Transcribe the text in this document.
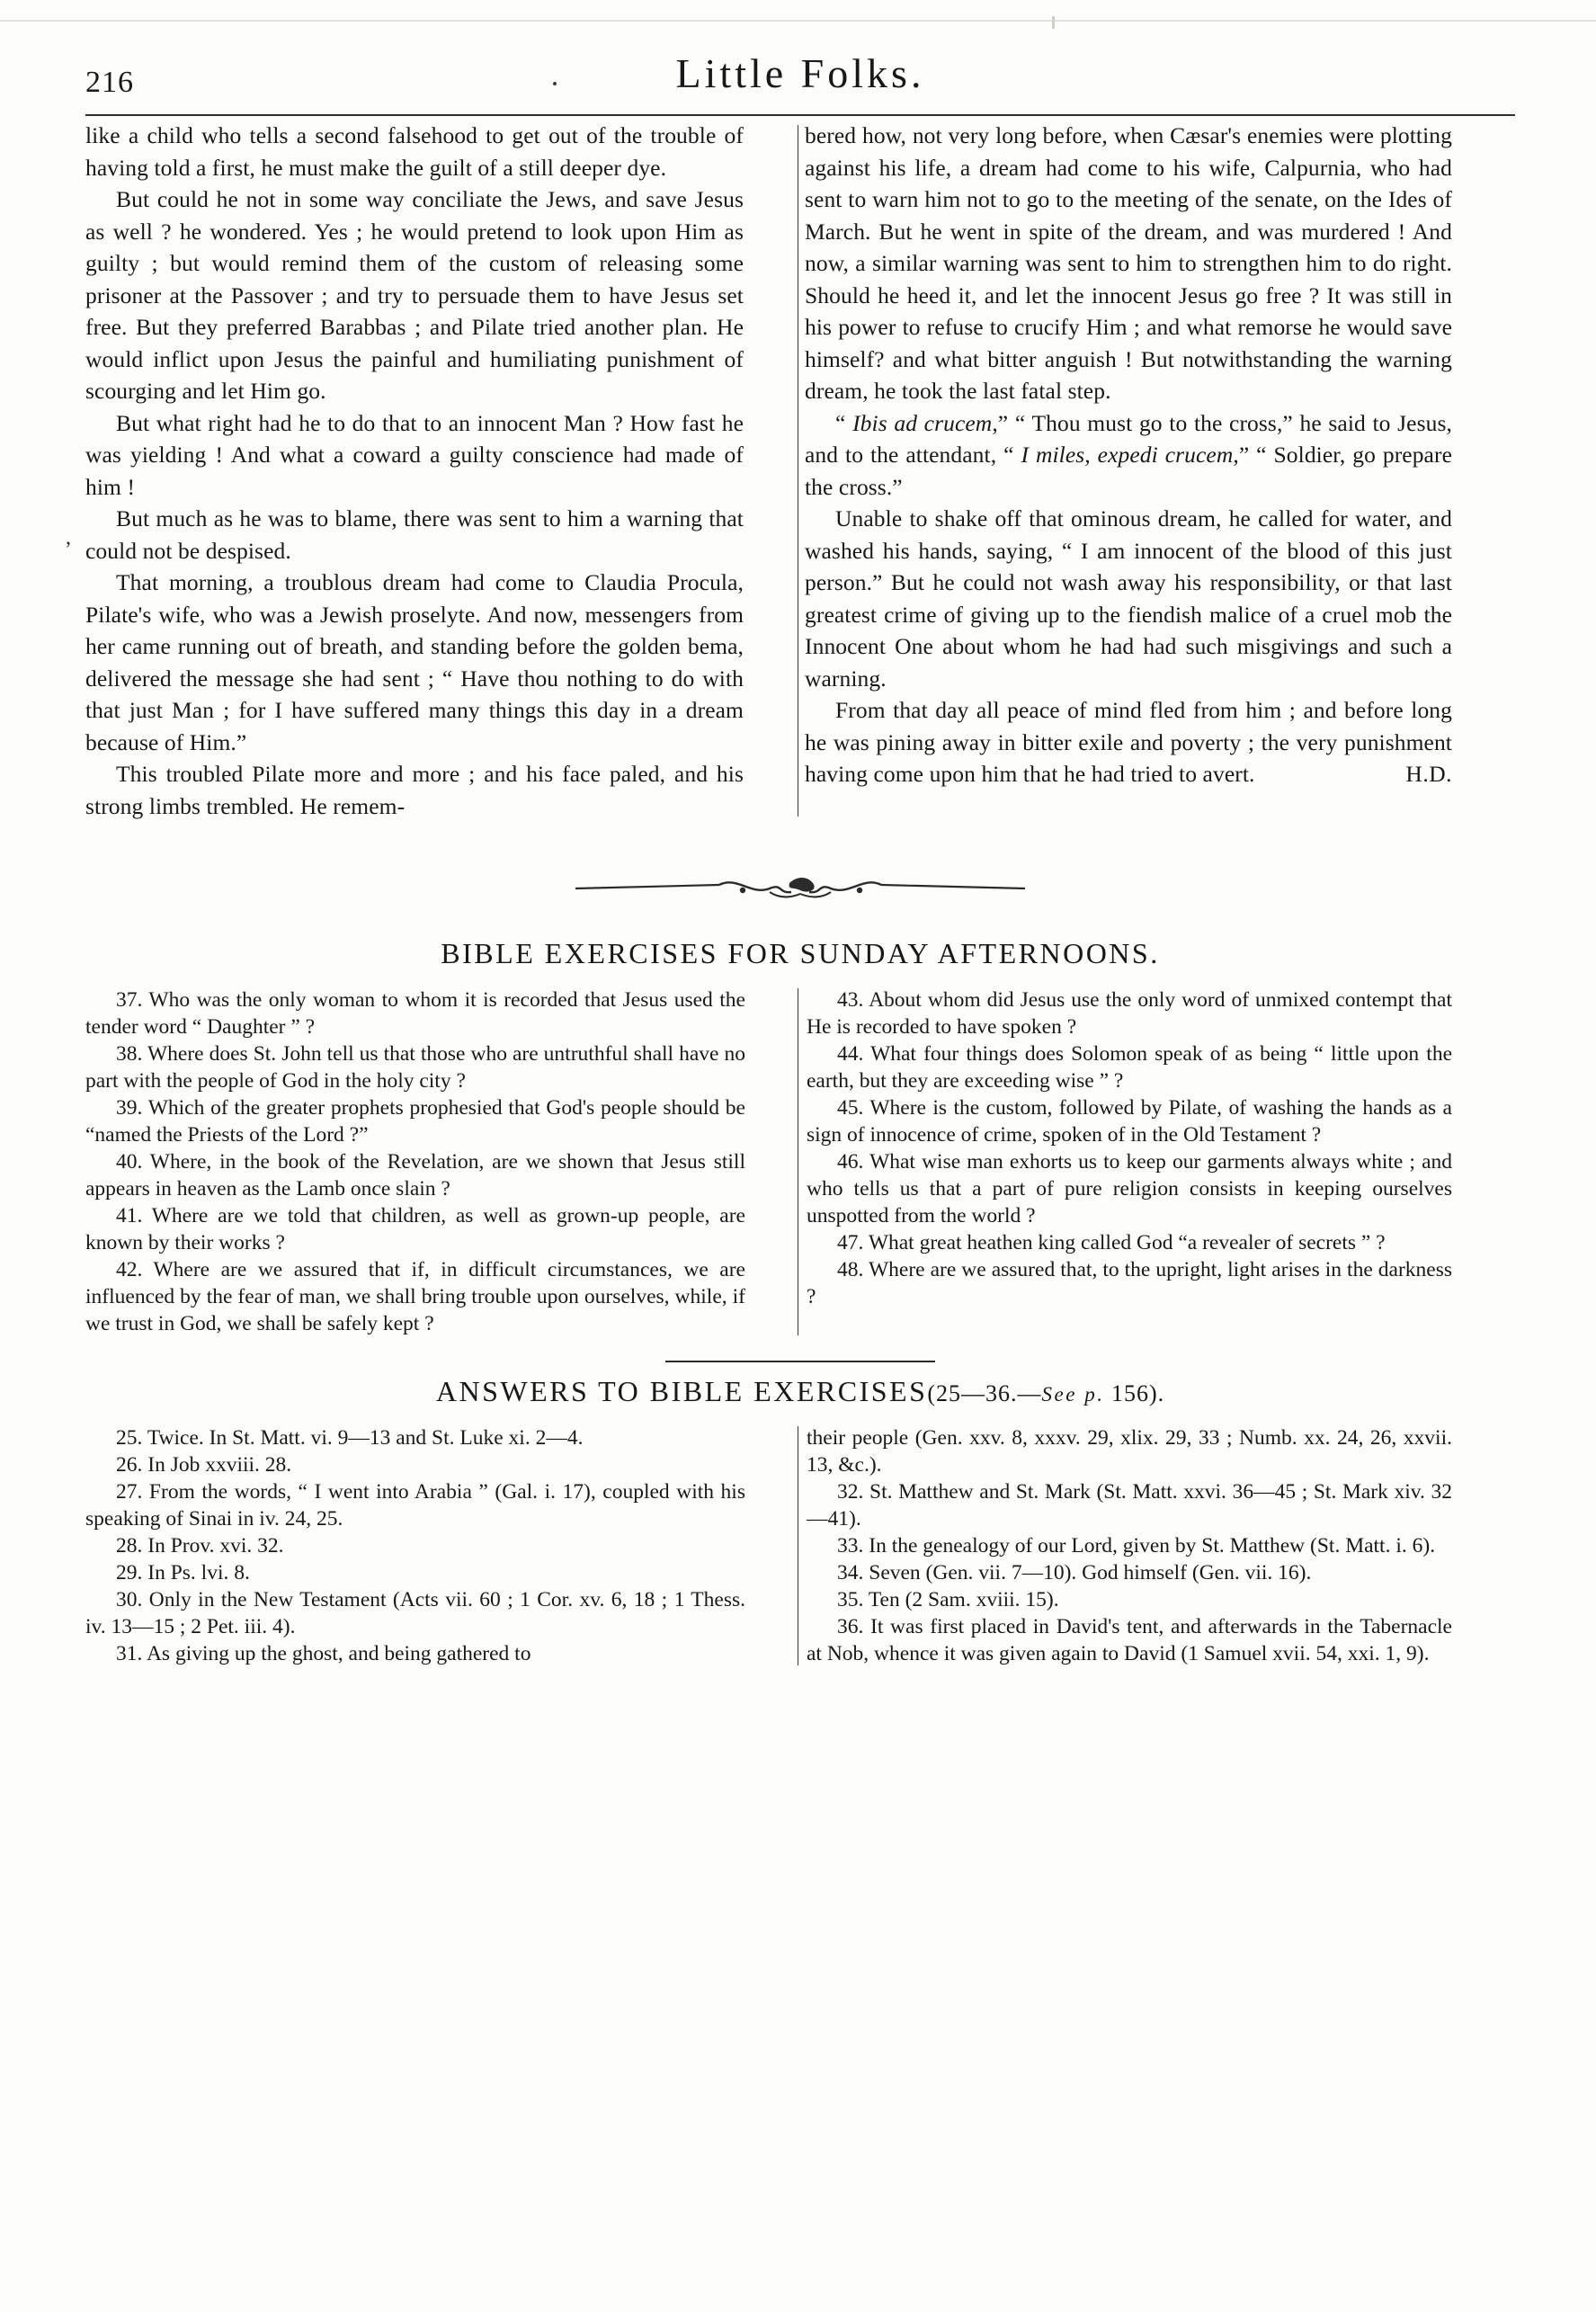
216	Little Folks.
,

like a child who tells a second falsehood to get out of the trouble of having told a first, he must make the guilt of a still deeper dye.

But could he not in some way conciliate the Jews, and save Jesus as well ? he wondered. Yes ; he would pretend to look upon Him as guilty ; but would remind them of the custom of releasing some prisoner at the Passover ; and try to persuade them to have Jesus set free. But they preferred Barabbas ; and Pilate tried another plan. He would inflict upon Jesus the painful and humiliating punishment of scourging and let Him go.

But what right had he to do that to an innocent Man ? How fast he was yielding ! And what a coward a guilty conscience had made of him !

But much as he was to blame, there was sent to him a warning that could not be despised.

That morning, a troublous dream had come to Claudia Procula, Pilate's wife, who was a Jewish proselyte. And now, messengers from her came running out of breath, and standing before the golden bema, delivered the message she had sent ; “ Have thou nothing to do with that just Man ; for I have suffered many things this day in a dream because of Him.”

This troubled Pilate more and more ; and his face paled, and his strong limbs trembled. He remem-

bered how, not very long before, when Cæsar's enemies were plotting against his life, a dream had come to his wife, Calpurnia, who had sent to warn him not to go to the meeting of the senate, on the Ides of March. But he went in spite of the dream, and was murdered ! And now, a similar warning was sent to him to strengthen him to do right. Should he heed it, and let the innocent Jesus go free ? It was still in his power to refuse to crucify Him ; and what remorse he would save himself? and what bitter anguish ! But notwithstanding the warning dream, he took the last fatal step.

“ Ibis ad crucem,” “ Thou must go to the cross,” he said to Jesus, and to the attendant, “ I miles, expedi crucem,” “ Soldier, go prepare the cross.”

Unable to shake off that ominous dream, he called for water, and washed his hands, saying, “ I am innocent of the blood of this just person.” But he could not wash away his responsibility, or that last greatest crime of giving up to the fiendish malice of a cruel mob the Innocent One about whom he had had such misgivings and such a warning.

From that day all peace of mind fled from him ; and before long he was pining away in bitter exile and poverty ; the very punishment having come upon him that he had tried to avert.	H.D.

BIBLE EXERCISES FOR SUNDAY AFTERNOONS.

37. Who was the only woman to whom it is recorded that Jesus used the tender word “ Daughter ” ?

38. Where does St. John tell us that those who are untruthful shall have no part with the people of God in the holy city ?

39. Which of the greater prophets prophesied that God's people should be “named the Priests of the Lord ?”

40. Where, in the book of the Revelation, are we shown that Jesus still appears in heaven as the Lamb once slain ?

41. Where are we told that children, as well as grown-up people, are known by their works ?

42. Where are we assured that if, in difficult circumstances, we are influenced by the fear of man, we shall bring trouble upon ourselves, while, if we trust in God, we shall be safely kept ?

43. About whom did Jesus use the only word of unmixed contempt that He is recorded to have spoken ?

44. What four things does Solomon speak of as being “ little upon the earth, but they are exceeding wise ” ?

45. Where is the custom, followed by Pilate, of washing the hands as a sign of innocence of crime, spoken of in the Old Testament ?

46. What wise man exhorts us to keep our garments always white ; and who tells us that a part of pure religion consists in keeping ourselves unspotted from the world ?

47. What great heathen king called God “a revealer of secrets ” ?

48. Where are we assured that, to the upright, light arises in the darkness ?

ANSWERS TO BIBLE EXERCISES(25—36.—See p. 156).

25. Twice. In St. Matt. vi. 9—13 and St. Luke xi. 2—4.

26. In Job xxviii. 28.

27. From the words, “ I went into Arabia ” (Gal. i. 17), coupled with his speaking of Sinai in iv. 24, 25.

28. In Prov. xvi. 32.

29. In Ps. lvi. 8.

30. Only in the New Testament (Acts vii. 60 ; 1 Cor. xv. 6, 18 ; 1 Thess. iv. 13—15 ; 2 Pet. iii. 4).

31. As giving up the ghost, and being gathered to

their people (Gen. xxv. 8, xxxv. 29, xlix. 29, 33 ; Numb. xx. 24, 26, xxvii. 13, &c.).

32. St. Matthew and St. Mark (St. Matt. xxvi. 36—45 ; St. Mark xiv. 32—41).

33. In the genealogy of our Lord, given by St. Matthew (St. Matt. i. 6).

34. Seven (Gen. vii. 7—10). God himself (Gen. vii. 16).

35. Ten (2 Sam. xviii. 15).

36. It was first placed in David's tent, and afterwards in the Tabernacle at Nob, whence it was given again to David (1 Samuel xvii. 54, xxi. 1, 9).
